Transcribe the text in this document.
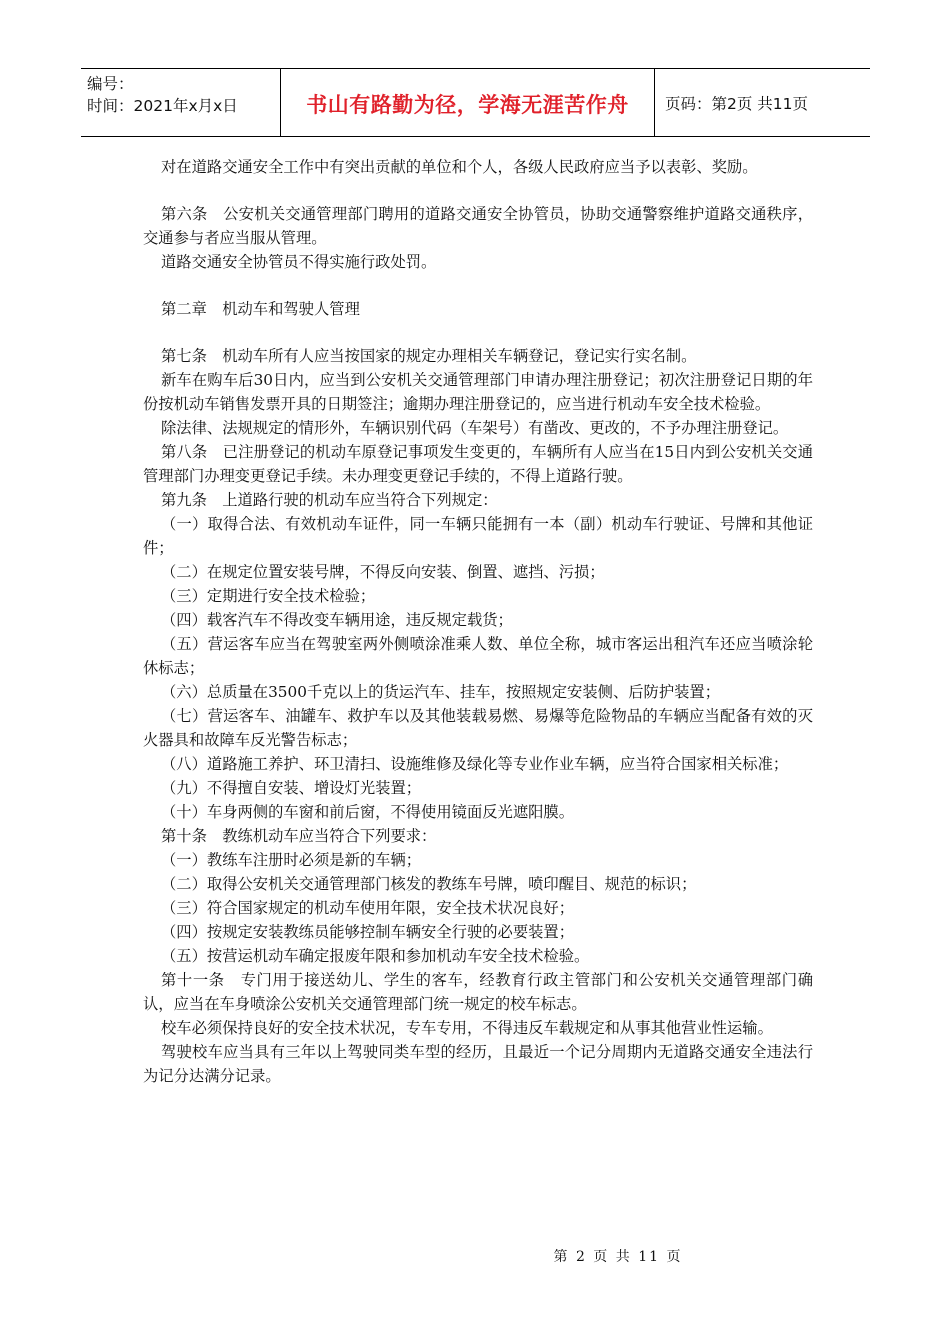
编号：
时间：2021年x月x日	书山有路勤为径，学海无涯苦作舟	页码：第2页 共11页

对在道路交通安全工作中有突出贡献的单位和个人，各级人民政府应当予以表彰、奖励。

第六条　公安机关交通管理部门聘用的道路交通安全协管员，协助交通警察维护道路交通秩序，交通参与者应当服从管理。

道路交通安全协管员不得实施行政处罚。

第二章　机动车和驾驶人管理

第七条　机动车所有人应当按国家的规定办理相关车辆登记，登记实行实名制。

新车在购车后30日内，应当到公安机关交通管理部门申请办理注册登记；初次注册登记日期的年份按机动车销售发票开具的日期签注；逾期办理注册登记的，应当进行机动车安全技术检验。

除法律、法规规定的情形外，车辆识别代码（车架号）有凿改、更改的，不予办理注册登记。

第八条　已注册登记的机动车原登记事项发生变更的，车辆所有人应当在15日内到公安机关交通管理部门办理变更登记手续。未办理变更登记手续的，不得上道路行驶。

第九条　上道路行驶的机动车应当符合下列规定：

（一）取得合法、有效机动车证件，同一车辆只能拥有一本（副）机动车行驶证、号牌和其他证件；

（二）在规定位置安装号牌，不得反向安装、倒置、遮挡、污损；

（三）定期进行安全技术检验；

（四）载客汽车不得改变车辆用途，违反规定载货；

（五）营运客车应当在驾驶室两外侧喷涂准乘人数、单位全称，城市客运出租汽车还应当喷涂轮休标志；

（六）总质量在3500千克以上的货运汽车、挂车，按照规定安装侧、后防护装置；

（七）营运客车、油罐车、救护车以及其他装载易燃、易爆等危险物品的车辆应当配备有效的灭火器具和故障车反光警告标志；

（八）道路施工养护、环卫清扫、设施维修及绿化等专业作业车辆，应当符合国家相关标准；

（九）不得擅自安装、增设灯光装置；

（十）车身两侧的车窗和前后窗，不得使用镜面反光遮阳膜。

第十条　教练机动车应当符合下列要求：

（一）教练车注册时必须是新的车辆；

（二）取得公安机关交通管理部门核发的教练车号牌，喷印醒目、规范的标识；

（三）符合国家规定的机动车使用年限，安全技术状况良好；

（四）按规定安装教练员能够控制车辆安全行驶的必要装置；

（五）按营运机动车确定报废年限和参加机动车安全技术检验。

第十一条　专门用于接送幼儿、学生的客车，经教育行政主管部门和公安机关交通管理部门确认，应当在车身喷涂公安机关交通管理部门统一规定的校车标志。

校车必须保持良好的安全技术状况，专车专用，不得违反车载规定和从事其他营业性运输。

驾驶校车应当具有三年以上驾驶同类车型的经历，且最近一个记分周期内无道路交通安全违法行为记分达满分记录。

第 2 页 共 11 页
